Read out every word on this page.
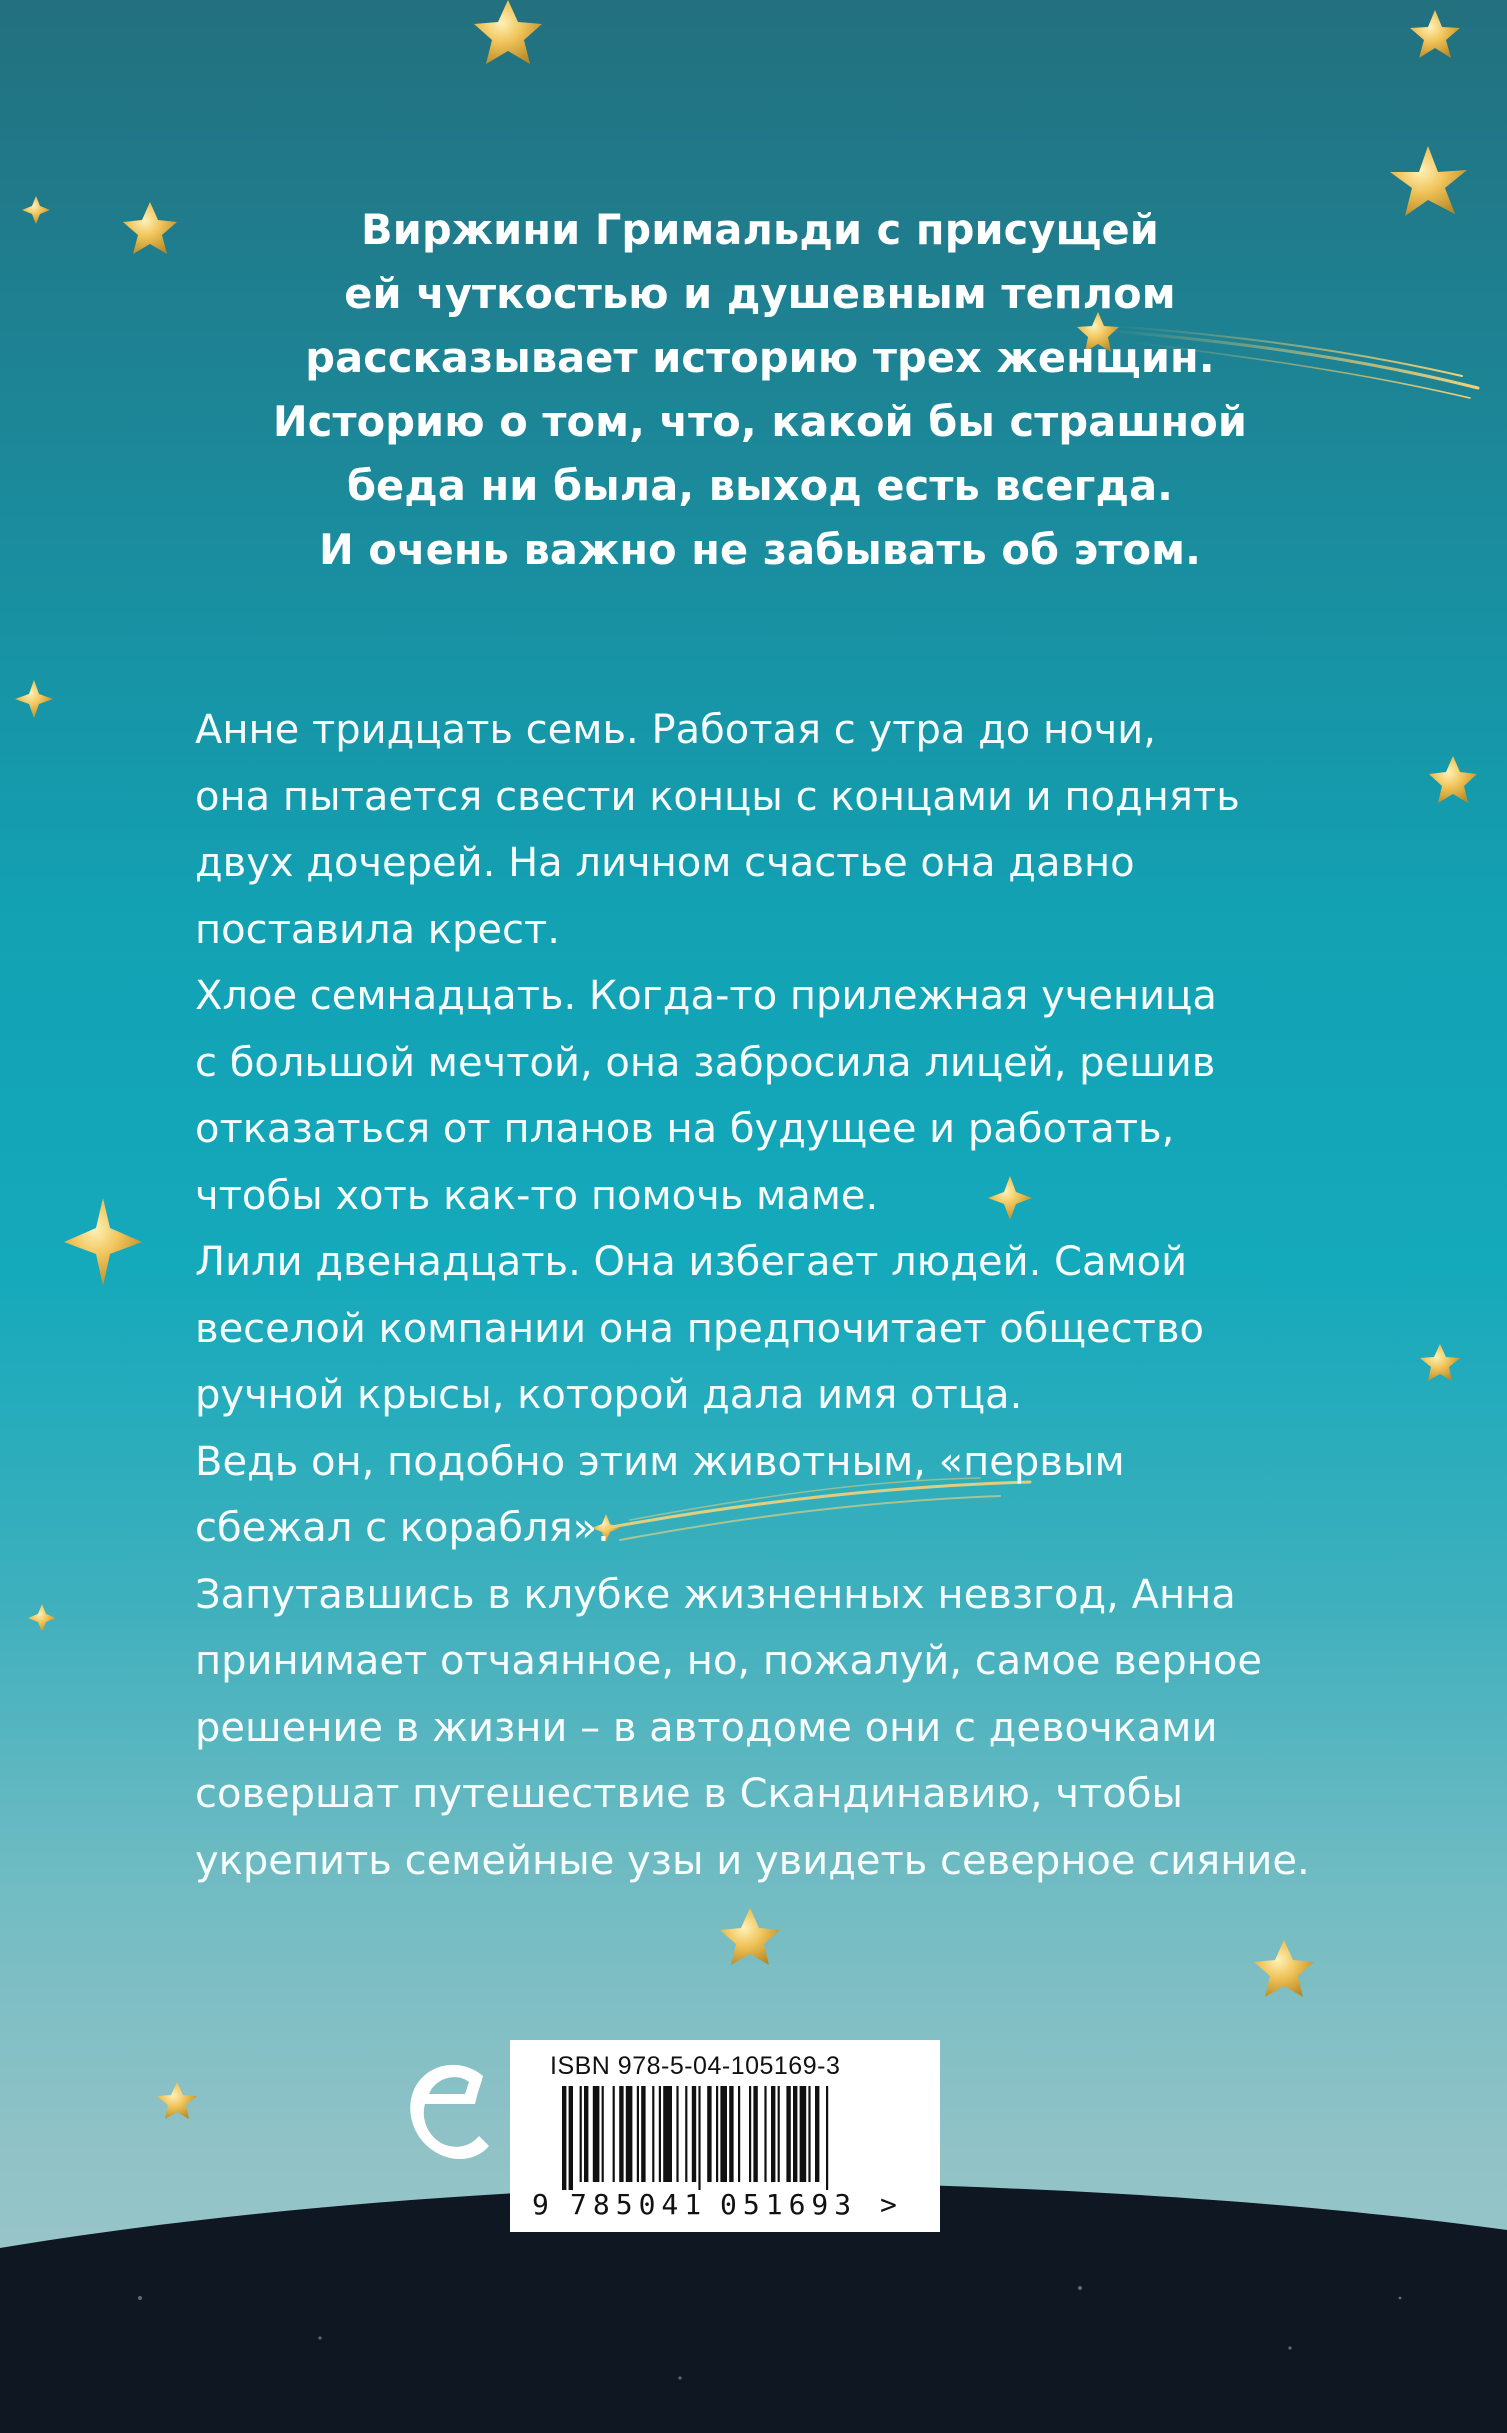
Виржини Гримальди с присущей
ей чуткостью и душевным теплом
рассказывает историю трех женщин.
Историю о том, что, какой бы страшной
беда ни была, выход есть всегда.
И очень важно не забывать об этом.

Анне тридцать семь. Работая с утра до ночи,
она пытается свести концы с концами и поднять
двух дочерей. На личном счастье она давно
поставила крест.

Хлое семнадцать. Когда-то прилежная ученица
с большой мечтой, она забросила лицей, решив
отказаться от планов на будущее и работать,
чтобы хоть как-то помочь маме.

Лили двенадцать. Она избегает людей. Самой
веселой компании она предпочитает общество
ручной крысы, которой дала имя отца.

Ведь он, подобно этим животным, «первым
сбежал с корабля».

Запутавшись в клубке жизненных невзгод, Анна
принимает отчаянное, но, пожалуй, самое верное
решение в жизни – в автодоме они с девочками
совершат путешествие в Скандинавию, чтобы
укрепить семейные узы и увидеть северное сияние.

ISBN 978-5-04-105169-3
9 785041 051693 >
